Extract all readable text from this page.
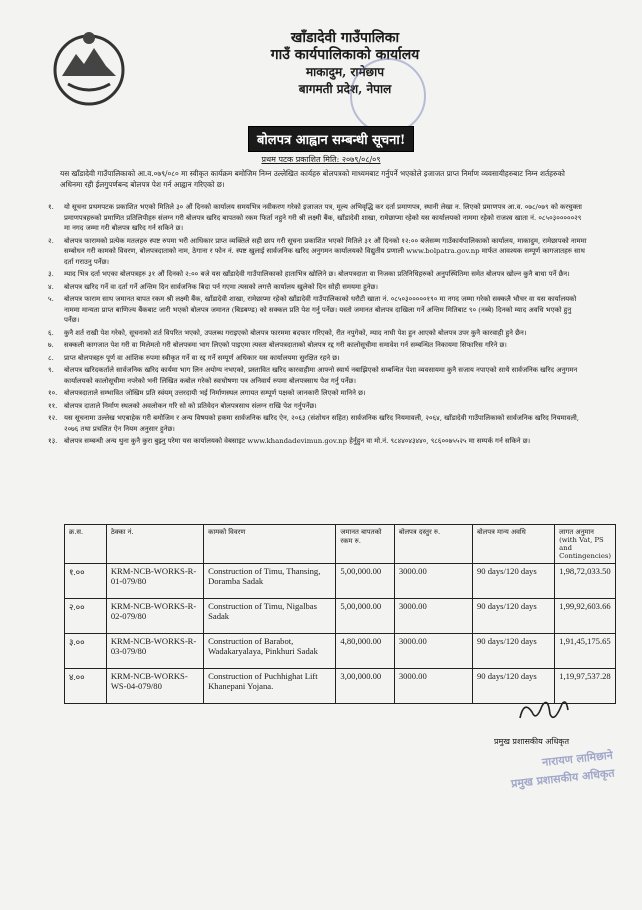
खाँडादेवी गाउँपालिका
गाउँ कार्यपालिकाको कार्यालय
माकादुम, रामेछाप
बागमती प्रदेश, नेपाल
बोलपत्र आह्वान सम्बन्धी सूचना!
प्रथम पटक प्रकाशित मिति: २०७९/०८/०९
यस खाँडादेवी गाउँपालिकाको आ.व.०७९/०८० मा स्वीकृत कार्यक्रम बमोजिम निम्न उल्लेखित कार्यहरु बोलपत्रको माध्यमबाट गर्नुपर्ने भएकोले इजाजत प्राप्त निर्माण व्यवसायीहरुबाट निम्न शर्तहरुको अधिनमा रही ईलगुपर्णबन्द बोलपत्र पेश गर्न आह्वान गरिएको छ।
१.	यो सूचना प्रथमपटक प्रकाशित भएको मितिले ३० औं दिनको कार्यालय समयभित्र नवीकरण गरेको इजाजत पत्र, मूल्य अभिवृद्धि कर दर्ता प्रमाणपत्र, स्थानी लेखा न. लिएको प्रमाणपत्र आ.व. ०७८/०७९ को करचुक्ता प्रमाणपत्रहरुको प्रमाणित प्रतिलिपीहरु संलग्न गरी बोलपत्र खरिद बापतको रकम फिर्ता नहुने गरी श्री लक्ष्मी बैंक, खाँडादेवी शाखा, रामेछाप्मा रहेको यस कार्यालयको नाममा रहेको राजश्व खाता नं. ०८५०३०००००२९ मा नगद जम्मा गरी बोलपत्र खरिद गर्न सकिने छ।
२.	बोलपत्र फारामको प्रत्येक मतलहरु स्पष्ट रुपमा भरी आधिकार प्राप्त व्यक्तिले सही छाप गरी सूचना प्रकाशित भएको मितिले ३१ औं दिनको १२:०० बजेसम्म गाउँकार्यपालिकाको कार्यालय, माकादुम, रामेछापको नाममा सम्बोधन गरी कामको विवरण, बोलपत्रदाताको नाम, ठेगाना र फोन नं. स्पष्ट खुलाई सार्वजनिक खरिद अनुगमन कार्यालयको विद्युतीय प्रणाली www.bolpatra.gov.np मार्फत आवश्यक सम्पूर्ण कागजातहरु साथ दर्ता गराउनु पर्नेछ।
३.	म्याद भित्र दर्ता भएका बोलपत्रहरु ३१ औं दिनको २:०० बजे यस खाँडादेवी गाउँपालिकाको हाताभित्र खोलिने छ। बोलपत्रदाता वा निजका प्रतिनिधिहरुको अनुपस्थितिमा समेत बोलपत्र खोल्न कुनै बाधा पर्ने छैन।
४.	बोलपत्र खरिद गर्ने वा दर्ता गर्ने अन्तिम दिन सार्वजनिक बिदा पर्न गएमा त्यसको लगत्तै कार्यालय खुलेको दिन सोही समयमा हुनेछ।
५.	बोलपत्र फाराम साथ जमानत बापत रकम श्री लक्ष्मी बैंक, खाँडादेवी शाखा, रामेछाप्मा रहेको खाँडादेवी गाउँपालिकाको धरौटी खाता नं. ०८५०३०००००१९० मा नगद जम्मा गरेको सक्कलै भौचर वा यस कार्यालयको नाममा मान्यता प्राप्त बाणिज्य बैंकबाट जारी भएको बोलपत्र जमानत (बिडबण्ड) को सक्कल प्रति पेश गर्नु पर्नेछ। यस्तो जमानत बोलपत्र दाखिला गर्ने अन्तिम मितिबाट ९० (नब्बे) दिनको म्याद अवधि भएको हुनु पर्नेछ।
६.	कुनै शर्त राखी पेश गरेको, सूचनाको शर्त विपरित भएको, उपलब्ध गराइएको बोलपत्र फारममा बदफार गरिएको, रीत नपुगेको, म्याद नाघी पेश हुन आएको बोलपत्र उपर कुनै कारवाही हुने छैन।
७.	सक्कली कागजात पेश गरी वा मिलेमतो गरी बोलपत्रमा भाग लिएको पाइएमा त्यस्ता बोलपत्रदाताको बोलपत्र रद्द गरी कालोसूचीमा समावेश गर्न सम्बन्धित निकायमा सिफारिस गरिने छ।
८.	प्राप्त बोलपत्रहरु पूर्ण वा आंशिक रुपमा स्वीकृत गर्ने वा रद्द गर्ने सम्पूर्ण अधिकार यस कार्यालयमा सुरक्षित रहने छ।
९.	बोलपत्र खरिदकर्ताले सार्वजनिक खरिद कार्यमा भाग लिन अयोग्य नभएको, प्रस्तावित खरिद कारवाहीमा आफ्नो स्वार्थ नबाझिएको सम्बन्धित पेशा व्यवसायमा कुनै सजाय नपाएको साथै सार्वजनिक खरिद अनुगमन कार्यालयको कालोसूचीमा नपरेको भनी लिखित कबोल गरेको स्वःघोषणा पत्र अनिवार्य रुपमा बोलपत्रसाथ पेश गर्नु पर्नेछ।
१०. बोलपत्रदाताले सम्भावित जोखिम प्रति स्वंयम् उत्तरदायी भई निर्माणस्थल लगायत सम्पूर्ण पक्षको जानकारी लिएको मानिने छ।
११. बोलपत्र दाताले निर्माण स्थलको अवलोकन गरि सो को प्रतिवेदन बोलपत्रसाथ संलग्न राखि पेश गर्नुपर्नेछ।
१२. यस सूचनामा उल्लेख भएबाहेक गरी बमोजिम र अन्य विषयको हकमा सार्वजनिक खरिद ऐन, २०६३ (संशोधन सहित) सार्वजनिक खरिद नियमावली, २०६४, खाँडादेवी गाउँपालिकाको सार्वजनिक खरिद नियमावली, २०७६ तथा प्रचलित ऐन नियम अनुसार हुनेछ।
१३. बोलपत्र सम्बन्धी अन्य थुना कुनै कुरा बुझ्नु परेमा यस कार्यालयको वेबसाइट www.khandadevimun.gov.np हेर्नुहुन वा मो.नं. ९८४४०४३४४०, ९८६००७५५२५ मा सम्पर्क गर्न सकिने छ।
क्र.स.	ठेक्का नं.	कामको विवरण	जमानत बापतको रकम रु.	बोलपत्र दस्तुर रु.	बोलपत्र मान्य अवधि	लागत अनुमान (with Vat, PS and Contingencies)
१.००	KRM-NCB-WORKS-R-01-079/80	Construction of Timu, Thansing, Doramba Sadak	5,00,000.00	3000.00	90 days/120 days	1,98,72,033.50
२.००	KRM-NCB-WORKS-R-02-079/80	Construction of Timu, Nigalbas Sadak	5,00,000.00	3000.00	90 days/120 days	1,99,92,603.66
३.००	KRM-NCB-WORKS-R-03-079/80	Construction of Barabot, Wadakaryalaya, Pinkhuri Sadak	4,80,000.00	3000.00	90 days/120 days	1,91,45,175.65
४.००	KRM-NCB-WORKS-WS-04-079/80	Construction of Puchhighat Lift Khanepani Yojana.	3,00,000.00	3000.00	90 days/120 days	1,19,97,537.28
प्रमुख प्रशासकीय अधिकृत
नारायण लामिछाने
प्रमुख प्रशासकीय अधिकृत
